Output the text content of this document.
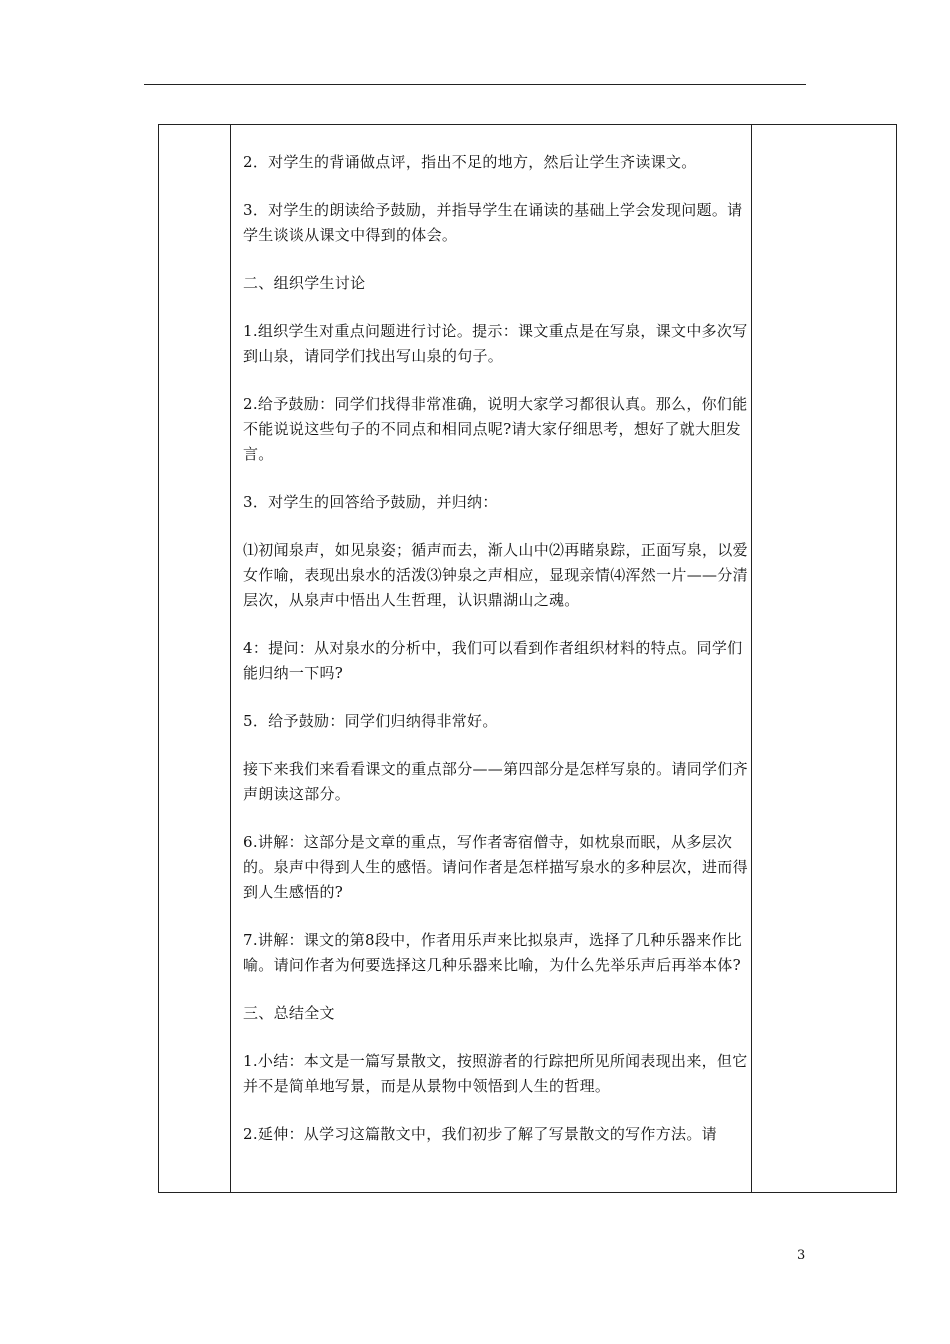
2．对学生的背诵做点评，指出不足的地方，然后让学生齐读课文。

3．对学生的朗读给予鼓励，并指导学生在诵读的基础上学会发现问题。请学生谈谈从课文中得到的体会。

二、组织学生讨论

1.组织学生对重点问题进行讨论。提示：课文重点是在写泉，课文中多次写到山泉，请同学们找出写山泉的句子。

2.给予鼓励：同学们找得非常准确，说明大家学习都很认真。那么，你们能不能说说这些句子的不同点和相同点呢?请大家仔细思考，想好了就大胆发言。

3．对学生的回答给予鼓励，并归纳：

⑴初闻泉声，如见泉姿；循声而去，渐人山中⑵再睹泉踪，正面写泉，以爱女作喻，表现出泉水的活泼⑶钟泉之声相应，显现亲情⑷浑然一片——分清层次，从泉声中悟出人生哲理，认识鼎湖山之魂。

4：提问：从对泉水的分析中，我们可以看到作者组织材料的特点。同学们能归纳一下吗?

5．给予鼓励：同学们归纳得非常好。

接下来我们来看看课文的重点部分——第四部分是怎样写泉的。请同学们齐声朗读这部分。

6.讲解：这部分是文章的重点，写作者寄宿僧寺，如枕泉而眠，从多层次的。泉声中得到人生的感悟。请问作者是怎样描写泉水的多种层次，进而得到人生感悟的?

7.讲解：课文的第8段中，作者用乐声来比拟泉声，选择了几种乐器来作比喻。请问作者为何要选择这几种乐器来比喻，为什么先举乐声后再举本体?

三、总结全文

1.小结：本文是一篇写景散文，按照游者的行踪把所见所闻表现出来，但它并不是简单地写景，而是从景物中领悟到人生的哲理。

2.延伸：从学习这篇散文中，我们初步了解了写景散文的写作方法。请

3
